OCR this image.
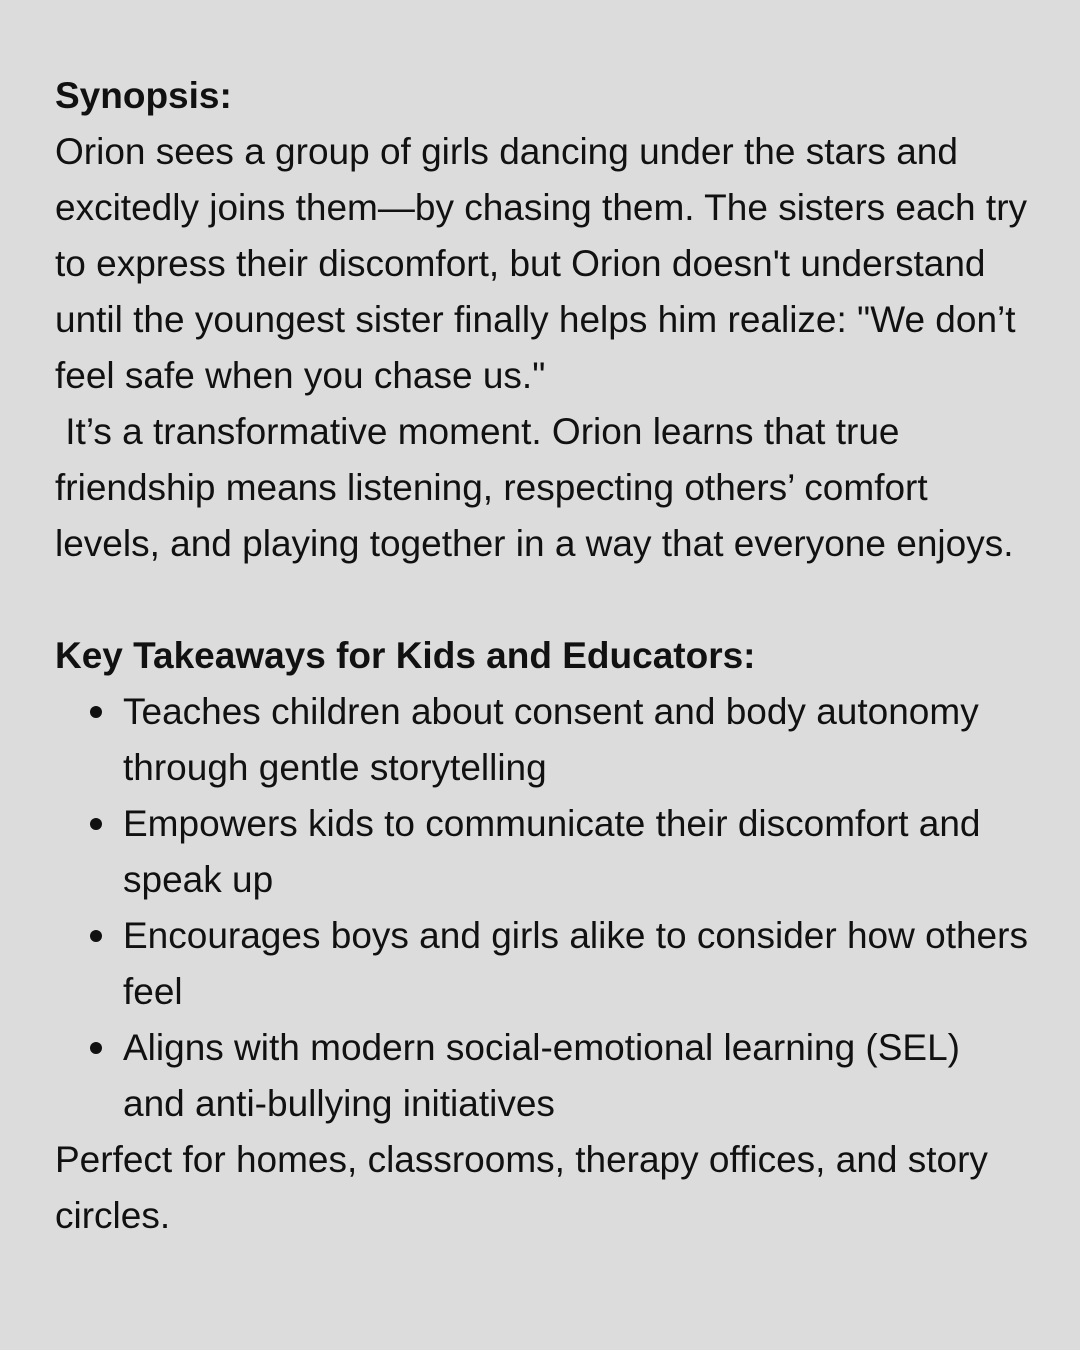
Synopsis:

Orion sees a group of girls dancing under the stars and excitedly joins them—by chasing them. The sisters each try to express their discomfort, but Orion doesn't understand until the youngest sister finally helps him realize: "We don’t feel safe when you chase us."

It’s a transformative moment. Orion learns that true friendship means listening, respecting others’ comfort levels, and playing together in a way that everyone enjoys.

Key Takeaways for Kids and Educators:

Teaches children about consent and body autonomy through gentle storytelling
Empowers kids to communicate their discomfort and speak up
Encourages boys and girls alike to consider how others feel
Aligns with modern social-emotional learning (SEL) and anti-bullying initiatives

Perfect for homes, classrooms, therapy offices, and story circles.
